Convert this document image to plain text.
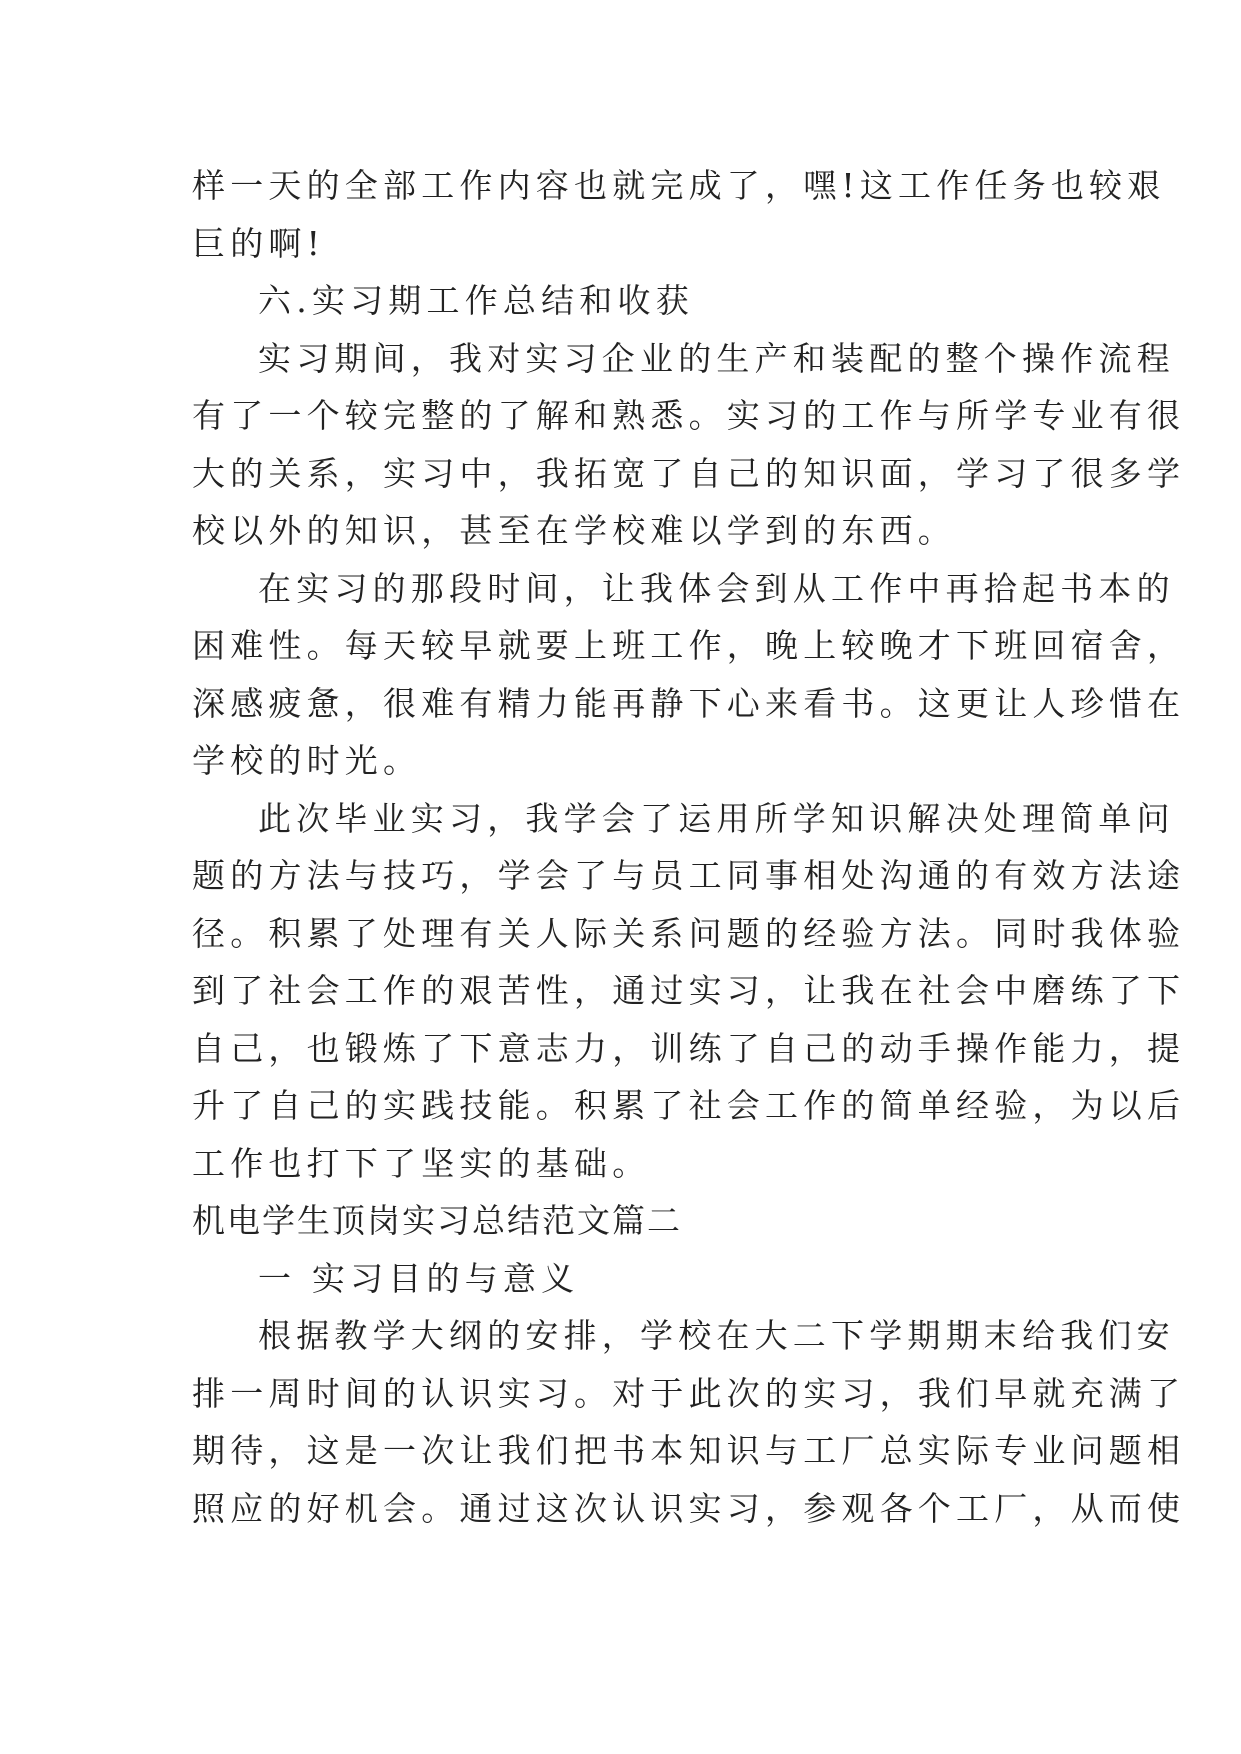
样一天的全部工作内容也就完成了，嘿!这工作任务也较艰

巨的啊!

六.实习期工作总结和收获

实习期间，我对实习企业的生产和装配的整个操作流程

有了一个较完整的了解和熟悉。实习的工作与所学专业有很

大的关系，实习中，我拓宽了自己的知识面，学习了很多学

校以外的知识，甚至在学校难以学到的东西。

在实习的那段时间，让我体会到从工作中再拾起书本的

困难性。每天较早就要上班工作，晚上较晚才下班回宿舍，

深感疲惫，很难有精力能再静下心来看书。这更让人珍惜在

学校的时光。

此次毕业实习，我学会了运用所学知识解决处理简单问

题的方法与技巧，学会了与员工同事相处沟通的有效方法途

径。积累了处理有关人际关系问题的经验方法。同时我体验

到了社会工作的艰苦性，通过实习，让我在社会中磨练了下

自己，也锻炼了下意志力，训练了自己的动手操作能力，提

升了自己的实践技能。积累了社会工作的简单经验，为以后

工作也打下了坚实的基础。

机电学生顶岗实习总结范文篇二

一 实习目的与意义

根据教学大纲的安排，学校在大二下学期期末给我们安

排一周时间的认识实习。对于此次的实习，我们早就充满了

期待，这是一次让我们把书本知识与工厂总实际专业问题相

照应的好机会。通过这次认识实习，参观各个工厂，从而使
